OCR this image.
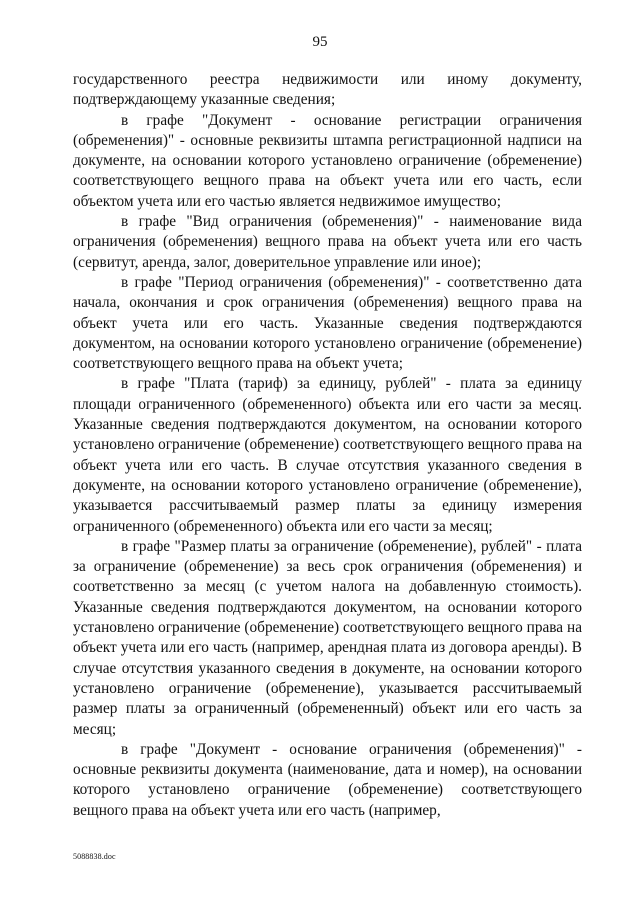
95

государственного реестра недвижимости или иному документу, подтверждающему указанные сведения;

в графе "Документ - основание регистрации ограничения (обременения)" - основные реквизиты штампа регистрационной надписи на документе, на основании которого установлено ограничение (обременение) соответствующего вещного права на объект учета или его часть, если объектом учета или его частью является недвижимое имущество;

в графе "Вид ограничения (обременения)" - наименование вида ограничения (обременения) вещного права на объект учета или его часть (сервитут, аренда, залог, доверительное управление или иное);

в графе "Период ограничения (обременения)" - соответственно дата начала, окончания и срок ограничения (обременения) вещного права на объект учета или его часть. Указанные сведения подтверждаются документом, на основании которого установлено ограничение (обременение) соответствующего вещного права на объект учета;

в графе "Плата (тариф) за единицу, рублей" - плата за единицу площади ограниченного (обремененного) объекта или его части за месяц. Указанные сведения подтверждаются документом, на основании которого установлено ограничение (обременение) соответствующего вещного права на объект учета или его часть. В случае отсутствия указанного сведения в документе, на основании которого установлено ограничение (обременение), указывается рассчитываемый размер платы за единицу измерения ограниченного (обремененного) объекта или его части за месяц;

в графе "Размер платы за ограничение (обременение), рублей" - плата за ограничение (обременение) за весь срок ограничения (обременения) и соответственно за месяц (с учетом налога на добавленную стоимость). Указанные сведения подтверждаются документом, на основании которого установлено ограничение (обременение) соответствующего вещного права на объект учета или его часть (например, арендная плата из договора аренды). В случае отсутствия указанного сведения в документе, на основании которого установлено ограничение (обременение), указывается рассчитываемый размер платы за ограниченный (обремененный) объект или его часть за месяц;

в графе "Документ - основание ограничения (обременения)" - основные реквизиты документа (наименование, дата и номер), на основании которого установлено ограничение (обременение) соответствующего вещного права на объект учета или его часть (например,

5088838.doc
